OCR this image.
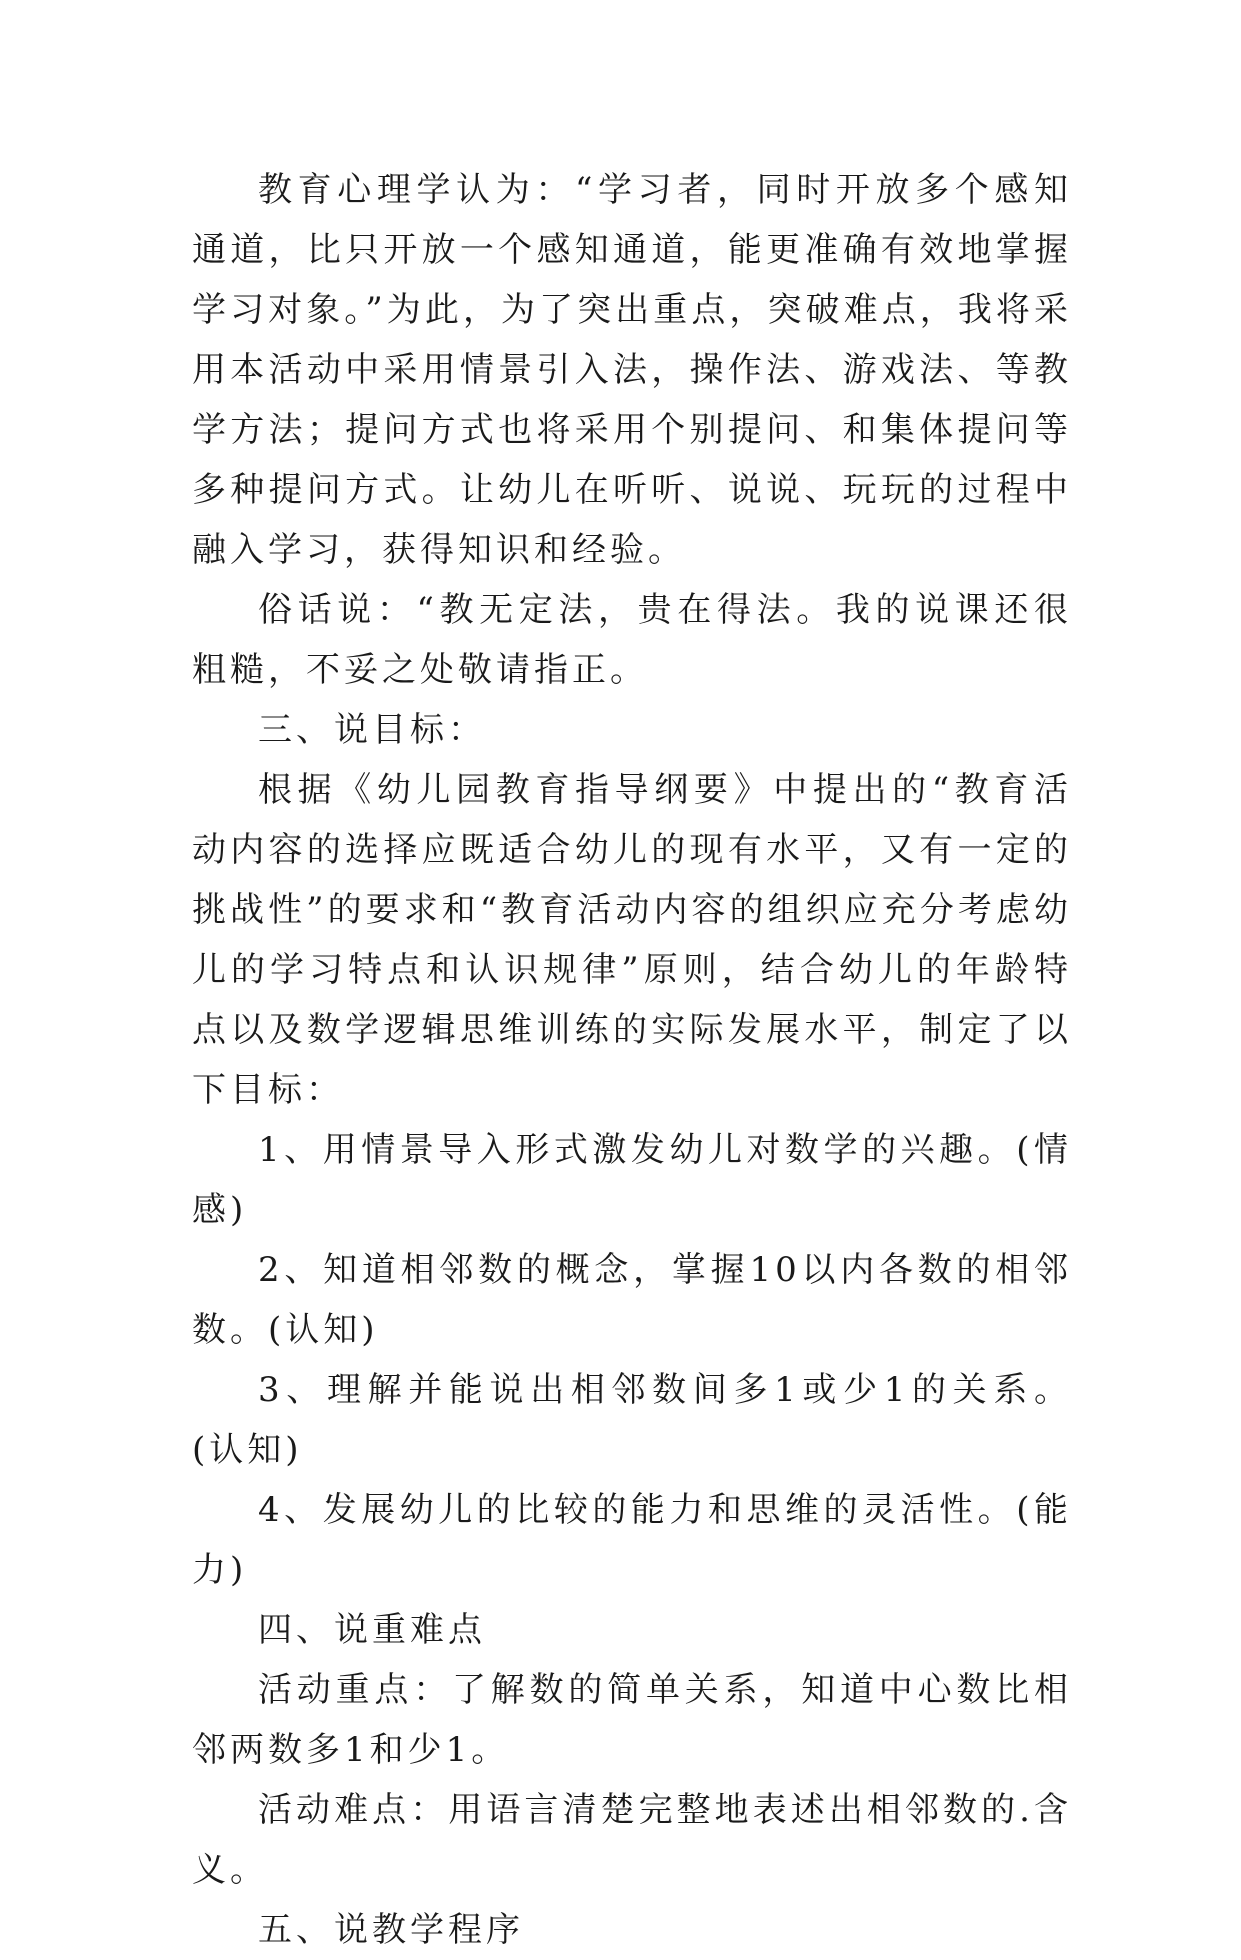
教育心理学认为：“学习者，同时开放多个感知通道，比只开放一个感知通道，能更准确有效地掌握学习对象。”为此，为了突出重点，突破难点，我将采用本活动中采用情景引入法，操作法、游戏法、等教学方法；提问方式也将采用个别提问、和集体提问等多种提问方式。让幼儿在听听、说说、玩玩的过程中融入学习，获得知识和经验。

俗话说：“教无定法，贵在得法。我的说课还很粗糙，不妥之处敬请指正。

三、说目标：

根据《幼儿园教育指导纲要》中提出的“教育活动内容的选择应既适合幼儿的现有水平，又有一定的挑战性”的要求和“教育活动内容的组织应充分考虑幼儿的学习特点和认识规律”原则，结合幼儿的年龄特点以及数学逻辑思维训练的实际发展水平，制定了以下目标：

1、用情景导入形式激发幼儿对数学的兴趣。(情感)

2、知道相邻数的概念，掌握10以内各数的相邻数。(认知)

3、理解并能说出相邻数间多1或少1的关系。(认知)

4、发展幼儿的比较的能力和思维的灵活性。(能力)

四、说重难点

活动重点：了解数的简单关系，知道中心数比相邻两数多1和少1。

活动难点：用语言清楚完整地表述出相邻数的.含义。

五、说教学程序
